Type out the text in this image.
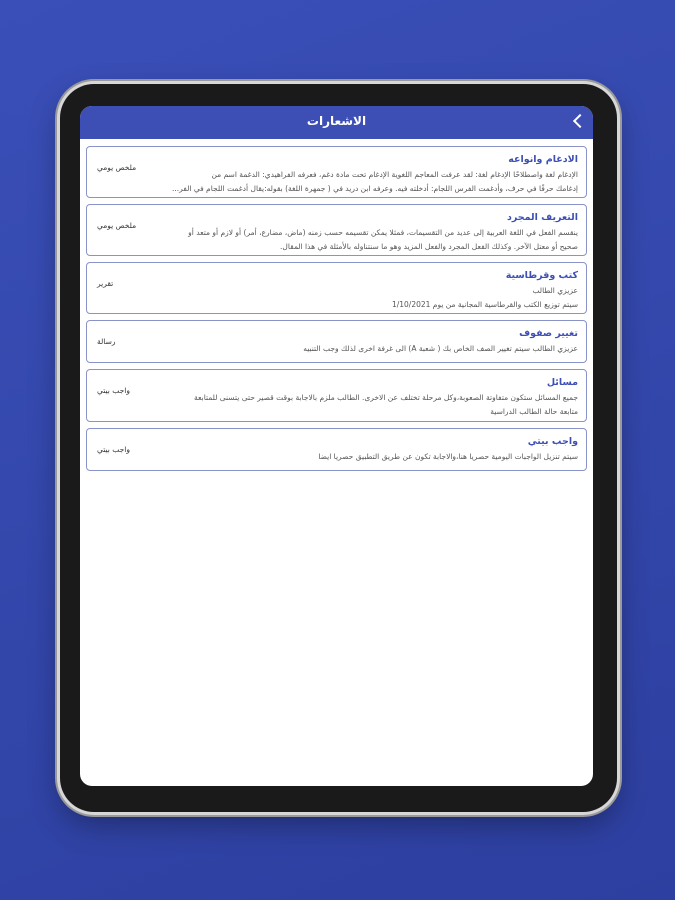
الاشعارات
الادغام وانواعه
الإدغام لغة واصطلاحًا الإدغام لغة: لقد عرفت المعاجم اللغوية الإدغام تحت مادة دغم، فعرفه الفراهيدي: الدغمة اسم من
إدغامك حرفًا في حرف، وأدغمت الفرس اللجام: أدخلته فيه. وعرفه ابن دريد في ( جمهرة اللغة) بقوله:يقال أدغمت اللجام في الفر...
ملخص يومي
التعريف المجرد
ينقسم الفعل في اللغة العربية إلى عديد من التقسيمات، فمثلا يمكن تقسيمه حسب زمنه (ماض، مضارع، أمر) أو لازم أو متعد أو
صحيح أو معتل الآخر. وكذلك الفعل المجرد والفعل المزيد وهو ما سنتناوله بالأمثلة في هذا المقال.
ملخص يومي
كتب وقرطاسية
عزيزي الطالب
سيتم توزيع الكتب والقرطاسية المجانية من يوم 1/10/2021
تقرير
تغيير صفوف
عزيزي الطالب سيتم تغيير الصف الخاص بك ( شعبة A) الى غرفة اخرى لذلك وجب التنبيه
رسالة
مسائل
جميع المسائل ستكون متفاوتة الصعوبة،وكل مرحلة تختلف عن الاخرى. الطالب ملزم بالاجابة بوقت قصير حتى يتسنى للمتابعة
متابعة حالة الطالب الدراسية
واجب بيتي
واجب بيتي
سيتم تنزيل الواجبات اليومية حصريا هنا،والاجابة تكون عن طريق التطبيق حصريا ايضا
واجب بيتي
